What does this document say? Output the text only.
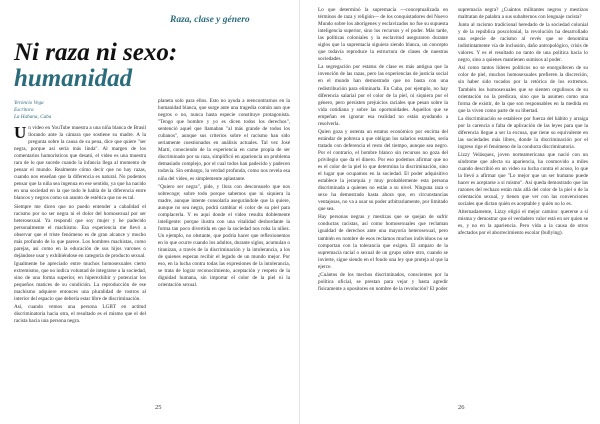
Raza, clase y género
Ni raza ni sexo:
humanidad
Yeróncio Vega
Escritora
La Habana, Cuba

Un video en YouTube muestra a una niña blanca de Brasil llorando ante la cámara que sostiene su madre. A la pregunta sobre la causa de su pena, dice que quiere "ser negra, porque así sería más linda". Al margen de los comentarios humorísticos que desató, el video es una muestra rara de lo que sucede cuando la infancia llega al momento de pensar el mundo. Realmente cómo decir que no hay razas, cuando nos enseñan que la diferencia es natural. No podemos pensar que la niña sea ingenua en ese sentido, ya que ha nacido en una sociedad en la que todo le habla de la diferencia entre blancos y negros como un asunto de estética que no es tal.

Siempre me dicen que no puedo entender a cabalidad el racismo por no ser negra ni el dolor del homosexual por ser heterosexual. Ya respondí que soy mujer y he padecido personalmente el machismo. Esa experiencia me llevó a observar que el triste fenómeno es de gran alcance y mucho más profundo de lo que parece. Los hombres machistas, como parejas, así como en la educación de sus hijos varones o dejándose usar y exhibiéndose en categoría de producto sexual.

Igualmente he apreciado entre muchos homosexuales cierto extremismo, que no indica voluntad de integrarse a la sociedad, sino de una forma superior, en hiperexhibir y potenciar los pequeños matices de su condición. La reproducción de ese machismo adquiere entonces una pluralidad de rostros al interior del espacio que debería estar libre de discriminación.

Así, cuando vemos una persona LGBT en actitud discriminatoria hacia otra, el resultado es el mismo que el del racista hacia una persona negra.

planeta solo para ellos. Esto no ayuda a reencontrarnos en la humanidad blanca, que surge ante una tragedia común aun que negros o no, nunca hasta especie constituye protagonista. "Tengo que hombre y yo es dicen todos los derechos", sentenció aquel que llamaban "al más grande de todos los cubanos", aunque sus criterios sobre el racismo han sido seriamente cuestionados en análisis actuales. Tal vez José Martí, conociendo de la experiencia en carne propia de ser discriminado por su raza, simplificó en apariencia un problema demasiado complejo, por el cual todos han padecido y padecen todavía. Sin embargo, la verdad profunda, como nos revela esa niña del video, es simplemente aplastante.

"Quiero ser negra", pide, y llora con desconsuelo que nos sobrecoge; sobre todo porque sabemos que ni siquiera la madre, aunque intente consolarla asegurándole que la quiere, aunque no sea negra, podrá cambiar el color de su piel para complacerla. Y es aquí donde el video resulta doblemente inteligente: porque ilustra con una vitalidad desbordante la forma tan poco divertida en que la sociedad nos roba la niñez. Un ejemplo, no obstante, que podría hacer que reflexionemos en lo que ocurre cuando los adultos, durante siglos, acumulan o tiranizan, a través de la discriminación y la intolerancia, a los de quienes esperan recibir el legado de un mundo mejor. Por eso, en la lucha contra todas las expresiones de la intolerancia, se trata de lograr reconocimiento, aceptación y respeto de la dignidad humana, sin importar el color de la piel ni la orientación sexual.

25

Lo que determinó la supremacía —conceptualizada en términos de raza y religión— de los conquistadores del Nuevo Mundo sobre los aborígenes y esclavizados no fue su supuesta inteligencia superior, sino los recursos y el poder. Más tarde, las políticas coloniales y la esclavitud aseguraron durante siglos que la supremacía siguiera siendo blanca, un concepto que todavía reproduce la estructura de clases de nuestras sociedades.

La segregación por estatus de clase es más antigua que la invención de las razas, pero las experiencias de justicia social en el mundo han demostrado que no basta con una redistribución para eliminarla. En Cuba, por ejemplo, no hay diferencia salarial por el color de la piel, ni siquiera por el género, pero persisten prejuicios raciales que pesan sobre la vida cotidiana y sobre las oportunidades. Aquellos que se empeñan en ignorar esa realidad no están ayudando a resolverla.

Quien goza y ostenta un estatus económico por encima del estándar de pobreza a que obligan los salarios estatales, sería tratado con deferencia el resto del tiempo, aunque sea negro. Por el contrario, el hombre blanco sin recursos no goza del privilegio que da el dinero. Por eso podemos afirmar que no es el color de la piel lo que determina la discriminación, sino el lugar que ocupamos en la sociedad. El poder adquisitivo establece la jerarquía y muy probablemente esta persona discriminada a quienes no están a su nivel. Ninguna raza o sexo ha demostrado hasta ahora que, en circunstancias ventajosas, no va a usar su poder arbitrariamente, por limitado que sea.

Hay personas negras y mestizas que se quejan de sufrir conductas racistas, así como homosexuales que reclaman igualdad de derechos ante una mayoría heterosexual, pero también en nombre de esos reclamos muchos individuos no se comportan con la tolerancia que exigen. El amparo de la supremacía racial o sexual de un grupo sobre otro, cuando se invierte, sigue siendo en el fondo una ley que proteja al que la ejerce.

¿Cuántos de los mechos discriminados, conscientes por la política oficial, se prestan para vejar y hasta agredir físicamente a opositores en nombre de la revolución? El poder

supremacía negra? ¿Cuántos militantes negros y mestizos maltratan de palabra a sus subalternos con lenguaje racista?

Junto al racismo tradicional heredado de la sociedad colonial y de la república poscolonial, la revolución ha desarrollado una especie de racismo al revés que se denomina indistintamente vía de inclusión, daño antropológico, crisis de valores. Y es el resultado no tanto de una política hacia lo negro, sino a quienes mantienen sumisos al poder.

Así como tantos líderes políticos no se enorgullecen de su color de piel, muchos homosexuales prefieren la discreción, sin haber sido tocados por la retórica de los extremos. También los homosexuales que se sienten orgullosos de su orientación no la predican, sino que la asumen como una forma de existir, de la que son responsables en la medida en que la viven como parte de su libertad.

La discriminación se establece por fuerza del hábito y arraiga por la carencia o falta de aplicación de las leyes para que la diferencia llegue a ser la excusa, que tiene su equivalente en las sociedades más libres, donde la discriminación por el ingreso rige el fenómeno de la conducta discriminatoria.

Lizzy Velásquez, joven norteamericana que nació con un síndrome que afecta su apariencia, ha conmovido a miles cuando describió en un video su lucha contra el acoso, lo que la llevó a afirmar que "Lo mejor que un ser humano puede hacer es aceptarse a sí mismo". Así queda demostrado que las razones del rechazo están más allá del color de la piel o de la orientación sexual, y tienen que ver con las convenciones sociales que dictan quién es aceptable y quién no lo es.

Alternadamente, Lizzy eligió el mejor camino: quererse a sí misma y demostrar que el verdadero valor está en ser quien se es, y no en la apariencia. Pero vida a la causa de otros afectados por el aborrecimiento escolar (bullying).

26
